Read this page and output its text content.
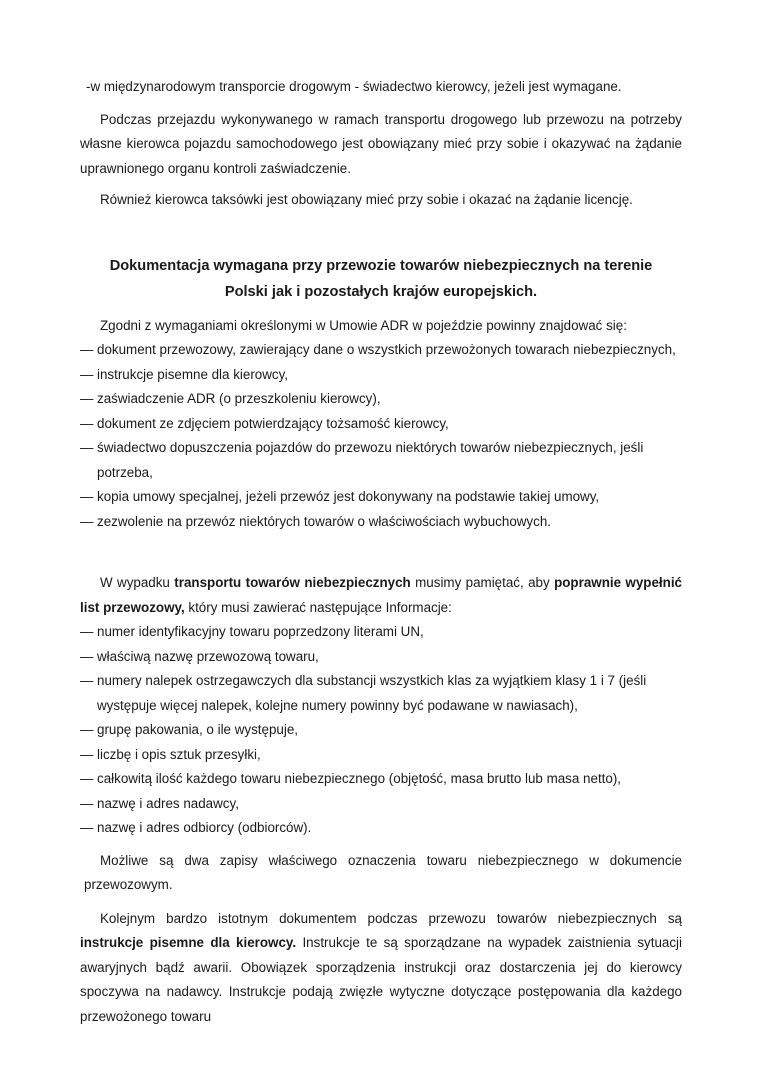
-w międzynarodowym transporcie drogowym - świadectwo kierowcy, jeżeli jest wymagane.

Podczas przejazdu wykonywanego w ramach transportu drogowego lub przewozu na potrzeby własne kierowca pojazdu samochodowego jest obowiązany mieć przy sobie i okazywać na żądanie uprawnionego organu kontroli zaświadczenie.

Również kierowca taksówki jest obowiązany mieć przy sobie i okazać na żądanie licencję.

Dokumentacja wymagana przy przewozie towarów niebezpiecznych na terenie
Polski jak i pozostałych krajów europejskich.

Zgodni z wymaganiami określonymi w Umowie ADR w pojeździe powinny znajdować się:

— dokument przewozowy, zawierający dane o wszystkich przewożonych towarach niebezpiecznych,
— instrukcje pisemne dla kierowcy,
— zaświadczenie ADR (o przeszkoleniu kierowcy),
— dokument ze zdjęciem potwierdzający tożsamość kierowcy,
— świadectwo dopuszczenia pojazdów do przewozu niektórych towarów niebezpiecznych, jeśli potrzeba,
— kopia umowy specjalnej, jeżeli przewóz jest dokonywany na podstawie takiej umowy,
— zezwolenie na przewóz niektórych towarów o właściwościach wybuchowych.

W wypadku transportu towarów niebezpiecznych musimy pamiętać, aby poprawnie wypełnić list przewozowy, który musi zawierać następujące Informacje:

— numer identyfikacyjny towaru poprzedzony literami UN,
— właściwą nazwę przewozową towaru,
— numery nalepek ostrzegawczych dla substancji wszystkich klas za wyjątkiem klasy 1 i 7 (jeśli występuje więcej nalepek, kolejne numery powinny być podawane w nawiasach),
— grupę pakowania, o ile występuje,
— liczbę i opis sztuk przesyłki,
— całkowitą ilość każdego towaru niebezpiecznego (objętość, masa brutto lub masa netto),
— nazwę i adres nadawcy,
— nazwę i adres odbiorcy (odbiorców).

Możliwe są dwa zapisy właściwego oznaczenia towaru niebezpiecznego w dokumencie przewozowym.

Kolejnym bardzo istotnym dokumentem podczas przewozu towarów niebezpiecznych są instrukcje pisemne dla kierowcy. Instrukcje te są sporządzane na wypadek zaistnienia sytuacji awaryjnych bądź awarii. Obowiązek sporządzenia instrukcji oraz dostarczenia jej do kierowcy spoczywa na nadawcy. Instrukcje podają zwięzłe wytyczne dotyczące postępowania dla każdego przewożonego towaru
